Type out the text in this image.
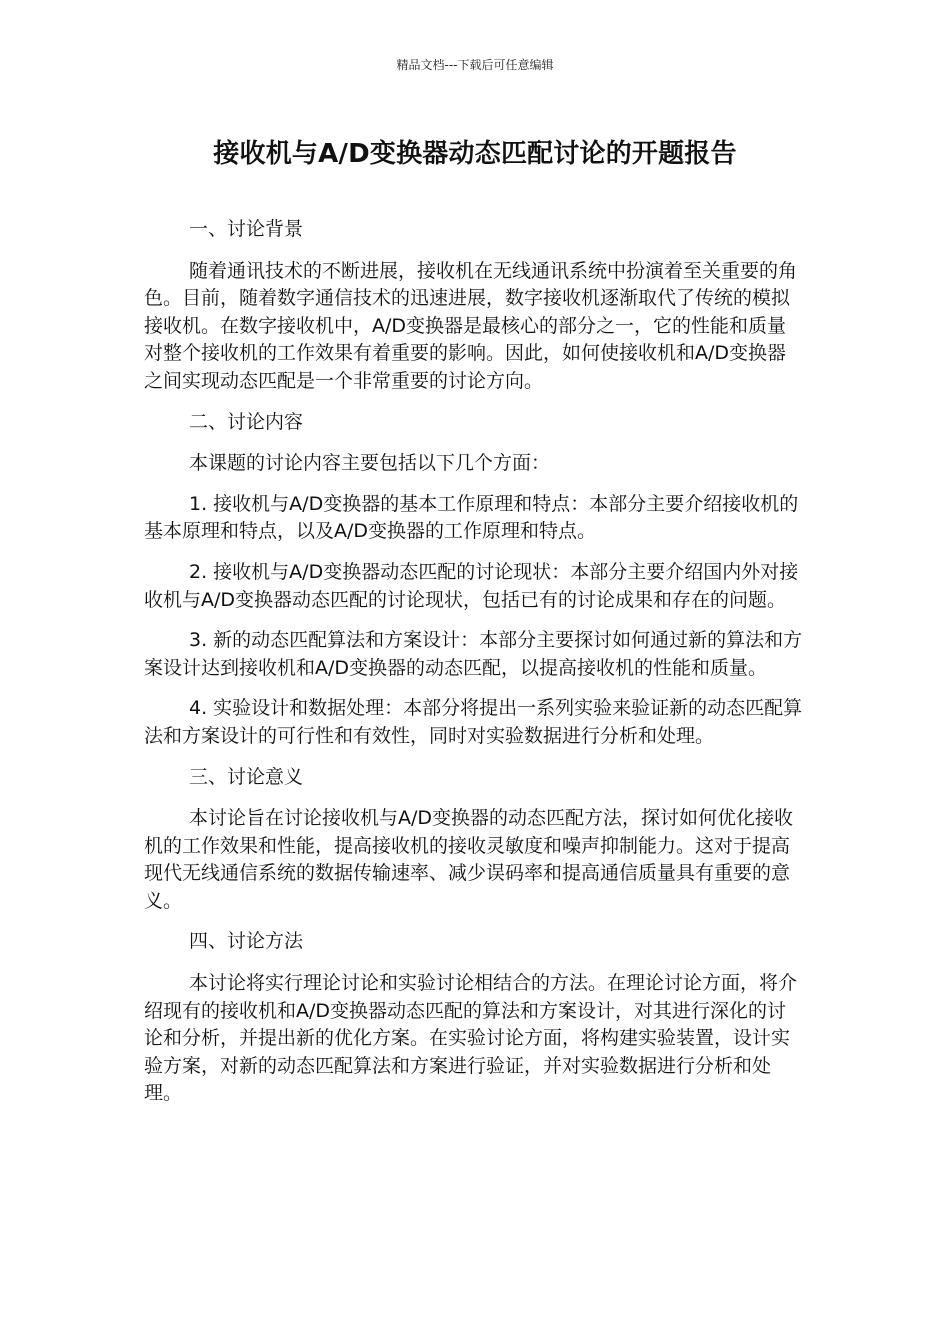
精品文档---下载后可任意编辑
接收机与A/D变换器动态匹配讨论的开题报告

一、讨论背景

随着通讯技术的不断进展，接收机在无线通讯系统中扮演着至关重要的角色。目前，随着数字通信技术的迅速进展，数字接收机逐渐取代了传统的模拟接收机。在数字接收机中，A/D变换器是最核心的部分之一，它的性能和质量对整个接收机的工作效果有着重要的影响。因此，如何使接收机和A/D变换器之间实现动态匹配是一个非常重要的讨论方向。

二、讨论内容

本课题的讨论内容主要包括以下几个方面：

1. 接收机与A/D变换器的基本工作原理和特点：本部分主要介绍接收机的基本原理和特点，以及A/D变换器的工作原理和特点。

2. 接收机与A/D变换器动态匹配的讨论现状：本部分主要介绍国内外对接收机与A/D变换器动态匹配的讨论现状，包括已有的讨论成果和存在的问题。

3. 新的动态匹配算法和方案设计：本部分主要探讨如何通过新的算法和方案设计达到接收机和A/D变换器的动态匹配，以提高接收机的性能和质量。

4. 实验设计和数据处理：本部分将提出一系列实验来验证新的动态匹配算法和方案设计的可行性和有效性，同时对实验数据进行分析和处理。

三、讨论意义

本讨论旨在讨论接收机与A/D变换器的动态匹配方法，探讨如何优化接收机的工作效果和性能，提高接收机的接收灵敏度和噪声抑制能力。这对于提高现代无线通信系统的数据传输速率、减少误码率和提高通信质量具有重要的意义。

四、讨论方法

本讨论将实行理论讨论和实验讨论相结合的方法。在理论讨论方面，将介绍现有的接收机和A/D变换器动态匹配的算法和方案设计，对其进行深化的讨论和分析，并提出新的优化方案。在实验讨论方面，将构建实验装置，设计实验方案，对新的动态匹配算法和方案进行验证，并对实验数据进行分析和处理。
